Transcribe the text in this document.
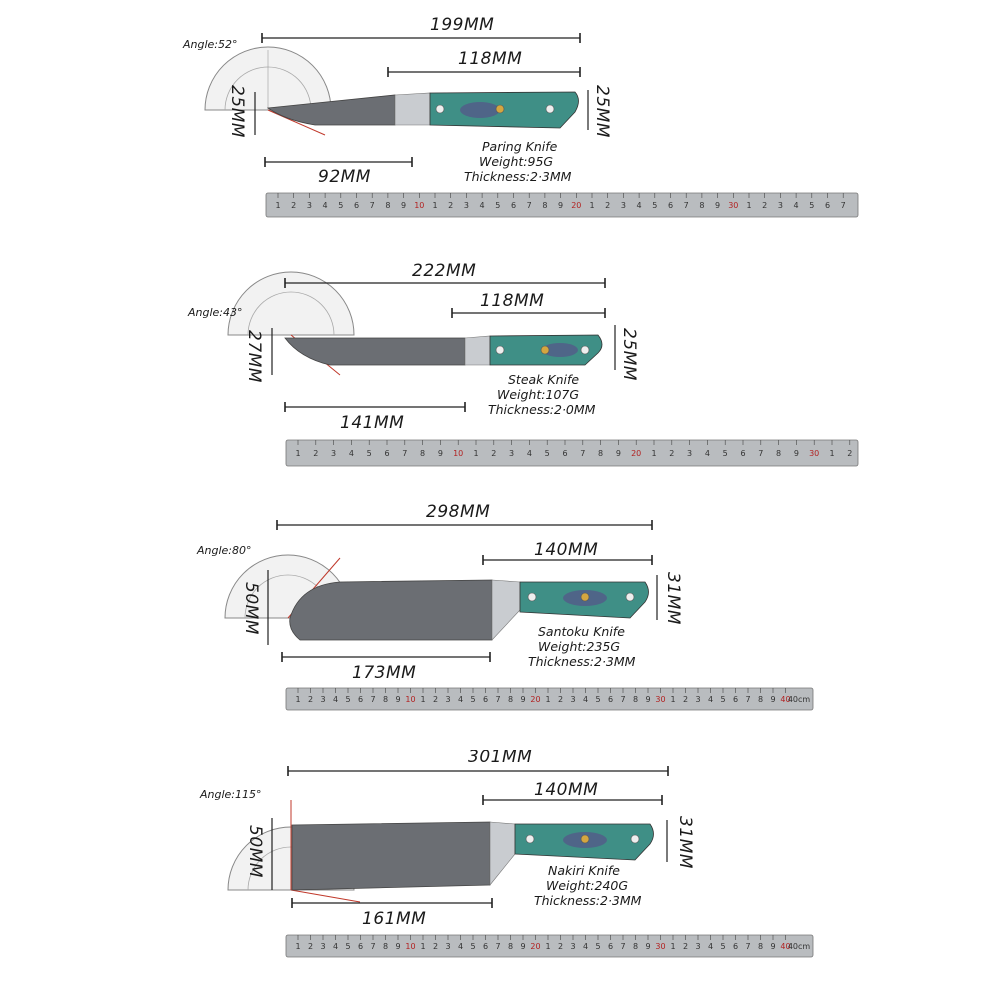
Angle:52°
199MM
118MM
92MM
25MM	25MM
Paring Knife
Weight:95G
Thickness:2·3MM
1 2 3 4 5 6 7 8 9 10 1 2 3 4 5 6 7 8 9 20 1 2 3 4 5 6 7 8 9 30 1 2 3 4 5 6 7
Angle:43°
222MM
118MM
141MM
27MM	25MM
Steak Knife
Weight:107G
Thickness:2·0MM
1 2 3 4 5 6 7 8 9 10 1 2 3 4 5 6 7 8 9 20 1 2 3 4 5 6 7 8 9 30 1 2
Angle:80°
298MM
140MM
173MM
50MM	31MM
Santoku Knife
Weight:235G
Thickness:2·3MM
1 2 3 4 5 6 7 8 9 10 1 2 3 4 5 6 7 8 9 20 1 2 3 4 5 6 7 8 9 30 1 2 3 4 5 6 7 8 9 40
40cm
Angle:115°
301MM
140MM
161MM
50MM	31MM
Nakiri Knife
Weight:240G
Thickness:2·3MM
1 2 3 4 5 6 7 8 9 10 1 2 3 4 5 6 7 8 9 20 1 2 3 4 5 6 7 8 9 30 1 2 3 4 5 6 7 8 9 40
40cm
